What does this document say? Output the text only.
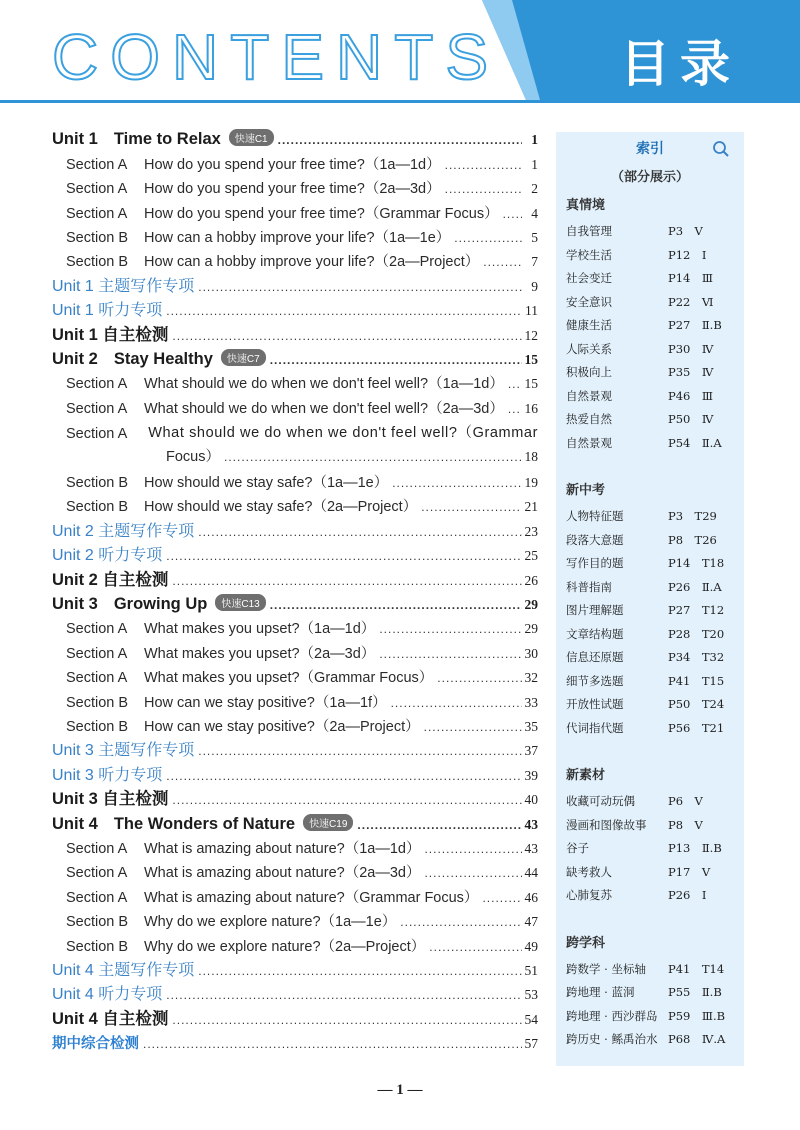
CONTENTS 目录
Unit 1 Time to Relax 快速C1 .....	1
Section A How do you spend your free time?（1a—1d） .....	1
Section A How do you spend your free time?（2a—3d） .....	2
Section A How do you spend your free time?（Grammar Focus） .....	4
Section B How can a hobby improve your life?（1a—1e） .....	5
Section B How can a hobby improve your life?（2a—Project） .....	7
Unit 1 主题写作专项 .....	9
Unit 1 听力专项 .....	11
Unit 1 自主检测 .....	12
Unit 2 Stay Healthy 快速C7 .....	15
Section A What should we do when we don't feel well?（1a—1d） ..... 15
Section A What should we do when we don't feel well?（2a—3d） ..... 16
Section A	What should we do when we don't feel well?（Grammar
Focus） .....	18
Section B How should we stay safe?（1a—1e） .....	19
Section B How should we stay safe?（2a—Project） .....	21
Unit 2 主题写作专项 .....	23
Unit 2 听力专项 .....	25
Unit 2 自主检测 .....	26
Unit 3 Growing Up 快速C13 .....	29
Section A What makes you upset?（1a—1d） .....	29
Section A What makes you upset?（2a—3d） .....	30
Section A What makes you upset?（Grammar Focus） .....	32
Section B How can we stay positive?（1a—1f） .....	33
Section B How can we stay positive?（2a—Project） .....	35
Unit 3 主题写作专项 .....	37
Unit 3 听力专项 .....	39
Unit 3 自主检测 .....	40
Unit 4 The Wonders of Nature 快速C19 .....	43
Section A What is amazing about nature?（1a—1d） .....	43
Section A What is amazing about nature?（2a—3d） .....	44
Section A What is amazing about nature?（Grammar Focus） .....	46
Section B Why do we explore nature?（1a—1e） .....	47
Section B Why do we explore nature?（2a—Project） .....	49
Unit 4 主题写作专项 .....	51
Unit 4 听力专项 .....	53
Unit 4 自主检测 .....	54
期中综合检测 .....	57
索引
（部分展示）
真情境
自我管理	P3　Ⅴ
学校生活	P12　Ⅰ
社会变迁	P14　Ⅲ
安全意识	P22　Ⅵ
健康生活	P27　Ⅱ.B
人际关系	P30　Ⅳ
积极向上	P35　Ⅳ
自然景观	P46　Ⅲ
热爱自然	P50　Ⅳ
自然景观	P54　Ⅱ.A
新中考
人物特征题	P3　T29
段落大意题	P8　T26
写作目的题	P14　T18
科普指南	P26　Ⅱ.A
图片理解题	P27　T12
文章结构题	P28　T20
信息还原题	P34　T32
细节多选题	P41　T15
开放性试题	P50　T24
代词指代题	P56　T21
新素材
收藏可动玩偶	P6　Ⅴ
漫画和图像故事	P8　Ⅴ
谷子	P13　Ⅱ.B
缺考救人	P17　Ⅴ
心肺复苏	P26　Ⅰ
跨学科
跨数学 · 坐标轴	P41　T14
跨地理 · 蓝洞	P55　Ⅱ.B
跨地理 · 西沙群岛 P59　Ⅲ.B
跨历史 · 鲧禹治水 P68　Ⅳ.A
— 1 —
